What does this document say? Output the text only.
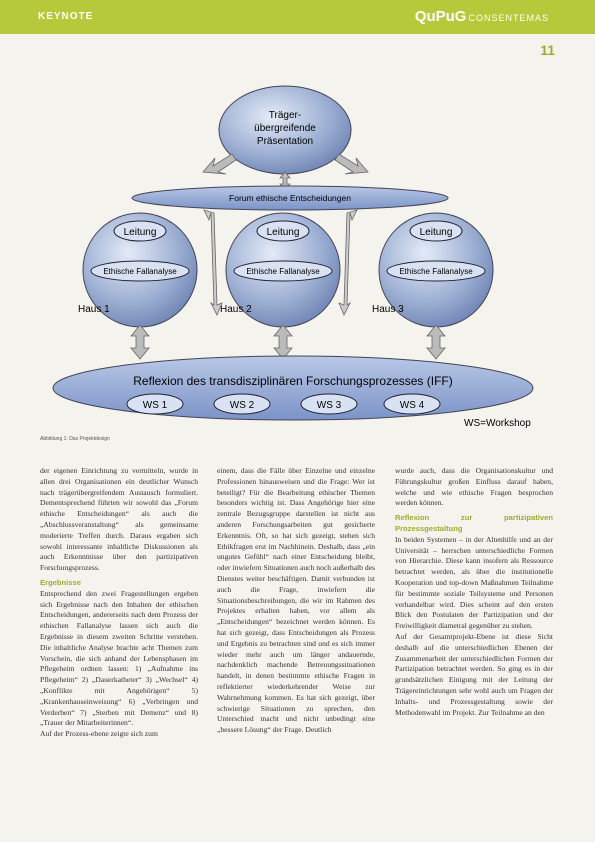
KEYNOTE	QuPuG CONSENTEMAS
11
Träger-
übergreifende
Präsentation
Forum ethische Entscheidungen
Leitung
Ethische Fallanalyse
Haus 1
Leitung
Ethische Fallanalyse
Haus 2
Leitung
Ethische Fallanalyse
Haus 3
Reflexion des transdisziplinären Forschungsprozesses (IFF)
WS 1	WS 2	WS 3	WS 4
WS=Workshop
Abbildung 1: Das Projektdesign

der eigenen Einrichtung zu vermitteln, wurde in allen drei Organisationen ein deutlicher Wunsch nach trägerübergreifendem Austausch formuliert. Dementsprechend führten wir sowohl das „Forum ethische Entscheidungen“ als auch die „Abschlussveranstaltung“ als gemeinsame moderierte Treffen durch. Daraus ergaben sich sowohl interessante inhaltliche Diskussionen als auch Erkenntnisse über den partizipativen Forschungsprozess.

Ergebnisse

Entsprechend den zwei Fragestellungen ergeben sich Ergebnisse nach den Inhalten der ethischen Entscheidungen, andererseits nach dem Prozess der ethischen Fallanalyse lassen sich auch die Ergebnisse in diesem zweiten Schritte verstehen. Die inhaltliche Analyse brachte acht Themen zum Vorschein, die sich anhand der Lebensphasen im Pflegeheim ordnen lassen: 1) „Aufnahme ins Pflegeheim“ 2) „Dauerkatheter“ 3) „Wechsel“ 4) „Konflikte mit Angehörigen“ 5) „Krankenhauseinweisung“ 6) „Verbringen und Verderben“ 7) „Sterben mit Demenz“ und 8) „Trauer der Mitarbeiterinnen“.

Auf der Prozess-ebene zeigte sich zum

einem, dass die Fälle über Einzelne und einzelne Professionen hinausweisen und die Frage: Wer ist beteiligt? Für die Bearbeitung ethischer Themen besonders wichtig ist. Dass Angehörige hier eine zentrale Bezugsgruppe darstellen ist nicht aus anderen Forschungsarbeiten gut gesicherte Erkenntnis. Oft, so hat sich gezeigt, stehen sich Ethikfragen erst im Nachhinein. Deshalb, dass „ein ungutes Gefühl“ nach einer Entscheidung bleibt, oder inwiefern Situationen auch noch außerhalb des Dienstes weiter beschäftigen. Damit verbunden ist auch die Frage, inwiefern die Situationsbeschreibungen, die wir im Rahmen des Projektes erhalten haben, vor allem als „Entscheidungen“ bezeichnet werden können. Es hat sich gezeigt, dass Entscheidungen als Prozess und Ergebnis zu betrachten sind und es sich immer wieder mehr auch um länger andauernde, nachdenklich machende Betreuungssituationen handelt, in denen bestimmte ethische Fragen in reflektierter wiederkehrender Weise zur Wahrnehmung kommen. Es hat sich gezeigt, über schwierige Situationen zu sprechen, den Unterschied macht und nicht unbedingt eine „bessere Lösung“ der Frage. Deutlich

wurde auch, dass die Organisationskultur und Führungskultur großen Einfluss darauf haben, welche und wie ethische Fragen besprochen werden können.

Reflexion zur partizipativen Prozessgestaltung

In beiden Systemen – in der Altenhilfe und an der Universität – herrschen unterschiedliche Formen von Hierarchie. Diese kann insofern als Ressource betrachtet werden, als über die institutionelle Kooperation und top-down Maßnahmen Teilnahme für bestimmte soziale Teilsysteme und Personen verhandelbar wird. Dies scheint auf den ersten Blick den Postulaten der Partizipation und der Freiwilligkeit diametral gegenüber zu stehen.

Auf der Gesamtprojekt-Ebene ist diese Sicht deshalb auf die unterschiedlichen Ebenen der Zusammenarbeit der unterschiedlichen Formen der Partizipation betrachtet werden. So ging es in der grundsätzlichen Einigung mit der Leitung der Trägereinrichtungen sehr wohl auch um Fragen der Inhalts- und Prozessgestaltung sowie der Methodenwahl im Projekt. Zur Teilnahme an den
